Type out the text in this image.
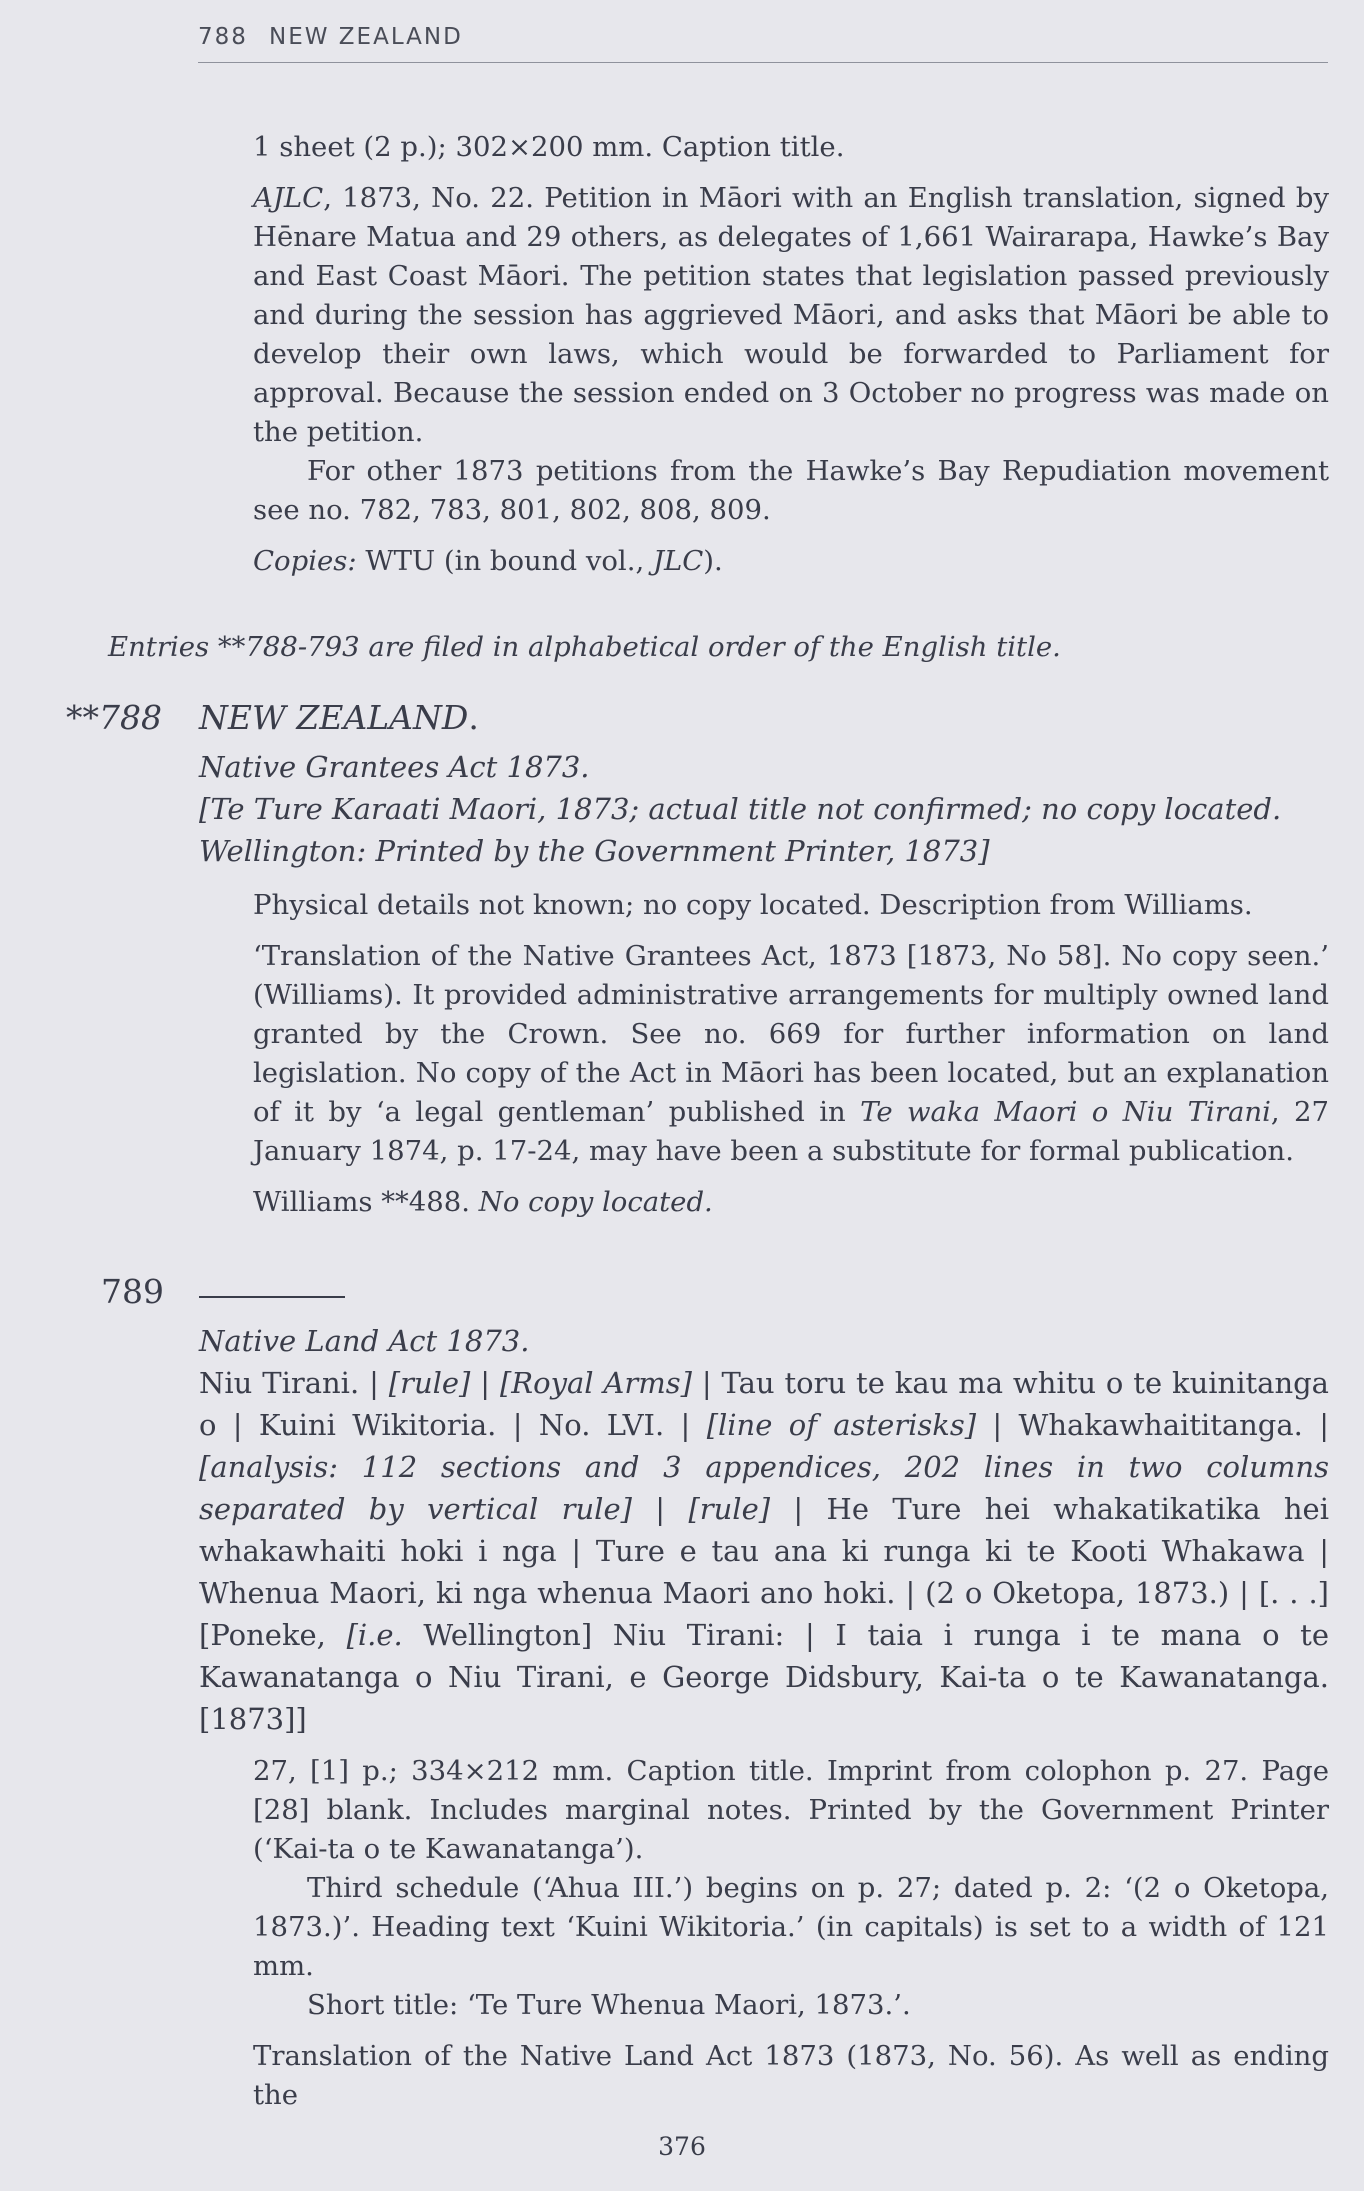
788 NEW ZEALAND

1 sheet (2 p.); 302×200 mm. Caption title.

AJLC, 1873, No. 22. Petition in Māori with an English translation, signed by Hēnare Matua and 29 others, as delegates of 1,661 Wairarapa, Hawke’s Bay and East Coast Māori. The petition states that legislation passed previously and during the session has aggrieved Māori, and asks that Māori be able to develop their own laws, which would be forwarded to Parliament for approval. Because the session ended on 3 October no progress was made on the petition.

For other 1873 petitions from the Hawke’s Bay Repudiation movement see no. 782, 783, 801, 802, 808, 809.

Copies: WTU (in bound vol., JLC).

Entries **788-793 are filed in alphabetical order of the English title.
**788 NEW ZEALAND.
Native Grantees Act 1873.
[Te Ture Karaati Maori, 1873; actual title not confirmed; no copy located.
Wellington: Printed by the Government Printer, 1873]

Physical details not known; no copy located. Description from Williams.

‘Translation of the Native Grantees Act, 1873 [1873, No 58]. No copy seen.’ (Williams). It provided administrative arrangements for multiply owned land granted by the Crown. See no. 669 for further information on land legislation. No copy of the Act in Māori has been located, but an explanation of it by ‘a legal gentleman’ published in Te waka Maori o Niu Tirani, 27 January 1874, p. 17-24, may have been a substitute for formal publication.

Williams **488. No copy located.

789
Native Land Act 1873.

Niu Tirani. | [rule] | [Royal Arms] | Tau toru te kau ma whitu o te kuinitanga o | Kuini Wikitoria. | No. LVI. | [line of asterisks] | Whakawhaititanga. | [analysis: 112 sections and 3 appendices, 202 lines in two columns separated by vertical rule] | [rule] | He Ture hei whakatikatika hei whakawhaiti hoki i nga | Ture e tau ana ki runga ki te Kooti Whakawa | Whenua Maori, ki nga whenua Maori ano hoki. | (2 o Oketopa, 1873.) | [. . .] [Poneke, [i.e. Wellington] Niu Tirani: | I taia i runga i te mana o te Kawanatanga o Niu Tirani, e George Didsbury, Kai-ta o te Kawanatanga. [1873]]

27, [1] p.; 334×212 mm. Caption title. Imprint from colophon p. 27. Page [28] blank. Includes marginal notes. Printed by the Government Printer (‘Kai-ta o te Kawanatanga’).

Third schedule (‘Ahua III.’) begins on p. 27; dated p. 2: ‘(2 o Oketopa, 1873.)’. Heading text ‘Kuini Wikitoria.’ (in capitals) is set to a width of 121 mm.

Short title: ‘Te Ture Whenua Maori, 1873.’.

Translation of the Native Land Act 1873 (1873, No. 56). As well as ending the

376
